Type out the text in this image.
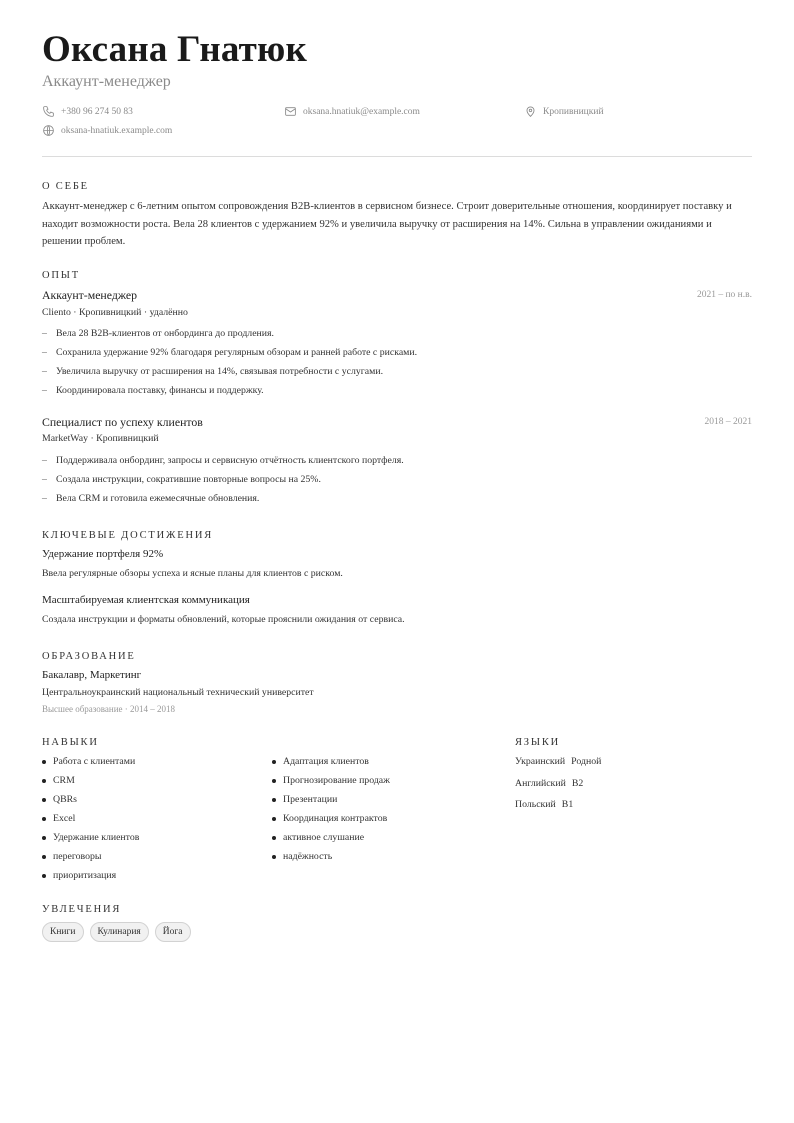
Оксана Гнатюк
Аккаунт-менеджер
+380 96 274 50 83	oksana.hnatiuk@example.com	Кропивницкий
oksana-hnatiuk.example.com
О СЕБЕ

Аккаунт-менеджер с 6-летним опытом сопровождения B2B-клиентов в сервисном бизнесе. Строит доверительные отношения, координирует поставку и находит возможности роста. Вела 28 клиентов с удержанием 92% и увеличила выручку от расширения на 14%. Сильна в управлении ожиданиями и решении проблем.

ОПЫТ
Аккаунт-менеджер	2021 – по н.в.
Cliento · Кропивницкий · удалённо
– Вела 28 B2B-клиентов от онбординга до продления.
– Сохранила удержание 92% благодаря регулярным обзорам и ранней работе с рисками.
– Увеличила выручку от расширения на 14%, связывая потребности с услугами.
– Координировала поставку, финансы и поддержку.
Специалист по успеху клиентов	2018 – 2021
MarketWay · Кропивницкий
– Поддерживала онбординг, запросы и сервисную отчётность клиентского портфеля.
– Создала инструкции, сократившие повторные вопросы на 25%.
– Вела CRM и готовила ежемесячные обновления.
КЛЮЧЕВЫЕ ДОСТИЖЕНИЯ
Удержание портфеля 92%
Ввела регулярные обзоры успеха и ясные планы для клиентов с риском.
Масштабируемая клиентская коммуникация
Создала инструкции и форматы обновлений, которые прояснили ожидания от сервиса.
ОБРАЗОВАНИЕ
Бакалавр, Маркетинг
Центральноукраинский национальный технический университет
Высшее образование · 2014 – 2018
НАВЫКИ
Работа с клиентами
CRM
QBRs
Excel
Удержание клиентов
переговоры
приоритизация
Адаптация клиентов
Прогнозирование продаж
Презентации
Координация контрактов
активное слушание
надёжность
ЯЗЫКИ
Украинский Родной
Английский B2
Польский B1
УВЛЕЧЕНИЯ
Книги	Кулинария	Йога
